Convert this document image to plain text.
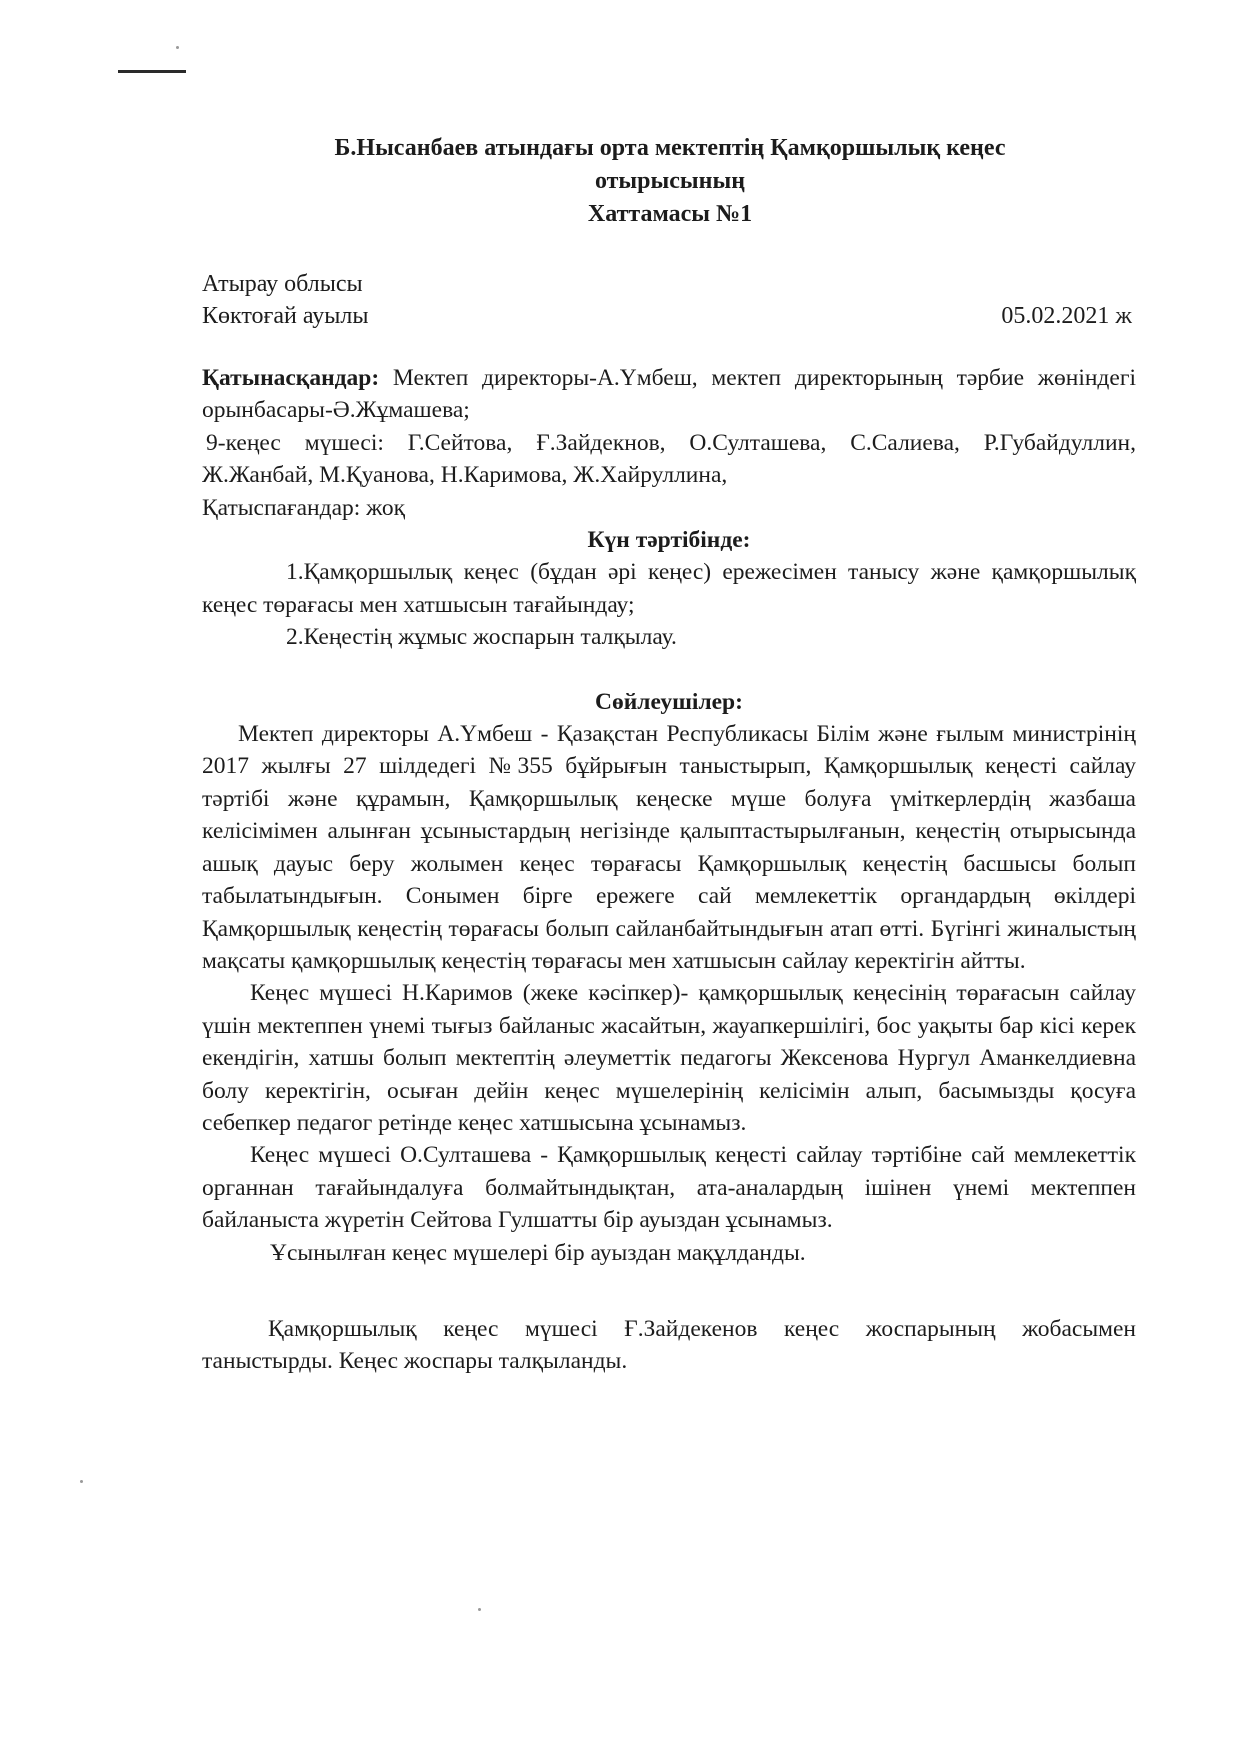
Б.Нысанбаев атындағы орта мектептің Қамқоршылық кеңес
отырысының
Хаттамасы №1
Атырау облысы
Көктоғай ауылы	05.02.2021 ж

Қатынасқандар: Мектеп директоры-А.Үмбеш, мектеп директорының тәрбие жөніндегі орынбасары-Ә.Жұмашева;

9-кеңес мүшесі: Г.Сейтова, Ғ.Зайдекнов, О.Султашева, С.Салиева, Р.Губайдуллин, Ж.Жанбай, М.Қуанова, Н.Каримова, Ж.Хайруллина,

Қатыспағандар: жоқ

Күн тәртібінде:

1.Қамқоршылық кеңес (бұдан әрі кеңес) ережесімен танысу және қамқоршылық кеңес төрағасы мен хатшысын тағайындау;

2.Кеңестің жұмыс жоспарын талқылау.

Сөйлеушілер:

Мектеп директоры А.Үмбеш - Қазақстан Республикасы Білім және ғылым министрінің 2017 жылғы 27 шілдедегі №355 бұйрығын таныстырып, Қамқоршылық кеңесті сайлау тәртібі және құрамын, Қамқоршылық кеңеске мүше болуға үміткерлердің жазбаша келісімімен алынған ұсыныстардың негізінде қалыптастырылғанын, кеңестің отырысында ашық дауыс беру жолымен кеңес төрағасы Қамқоршылық кеңестің басшысы болып табылатындығын. Сонымен бірге ережеге сай мемлекеттік органдардың өкілдері Қамқоршылық кеңестің төрағасы болып сайланбайтындығын атап өтті. Бүгінгі жиналыстың мақсаты қамқоршылық кеңестің төрағасы мен хатшысын сайлау керектігін айтты.

Кеңес мүшесі Н.Каримов (жеке кәсіпкер)- қамқоршылық кеңесінің төрағасын сайлау үшін мектеппен үнемі тығыз байланыс жасайтын, жауапкершілігі, бос уақыты бар кісі керек екендігін, хатшы болып мектептің әлеуметтік педагогы Жексенова Нургул Аманкелдиевна болу керектігін, осыған дейін кеңес мүшелерінің келісімін алып, басымызды қосуға себепкер педагог ретінде кеңес хатшысына ұсынамыз.

Кеңес мүшесі О.Султашева - Қамқоршылық кеңесті сайлау тәртібіне сай мемлекеттік органнан тағайындалуға болмайтындықтан, ата-аналардың ішінен үнемі мектеппен байланыста жүретін Сейтова Гулшатты бір ауыздан ұсынамыз.

Ұсынылған кеңес мүшелері бір ауыздан мақұлданды.

Қамқоршылық кеңес мүшесі Ғ.Зайдекенов кеңес жоспарының жобасымен таныстырды. Кеңес жоспары талқыланды.
